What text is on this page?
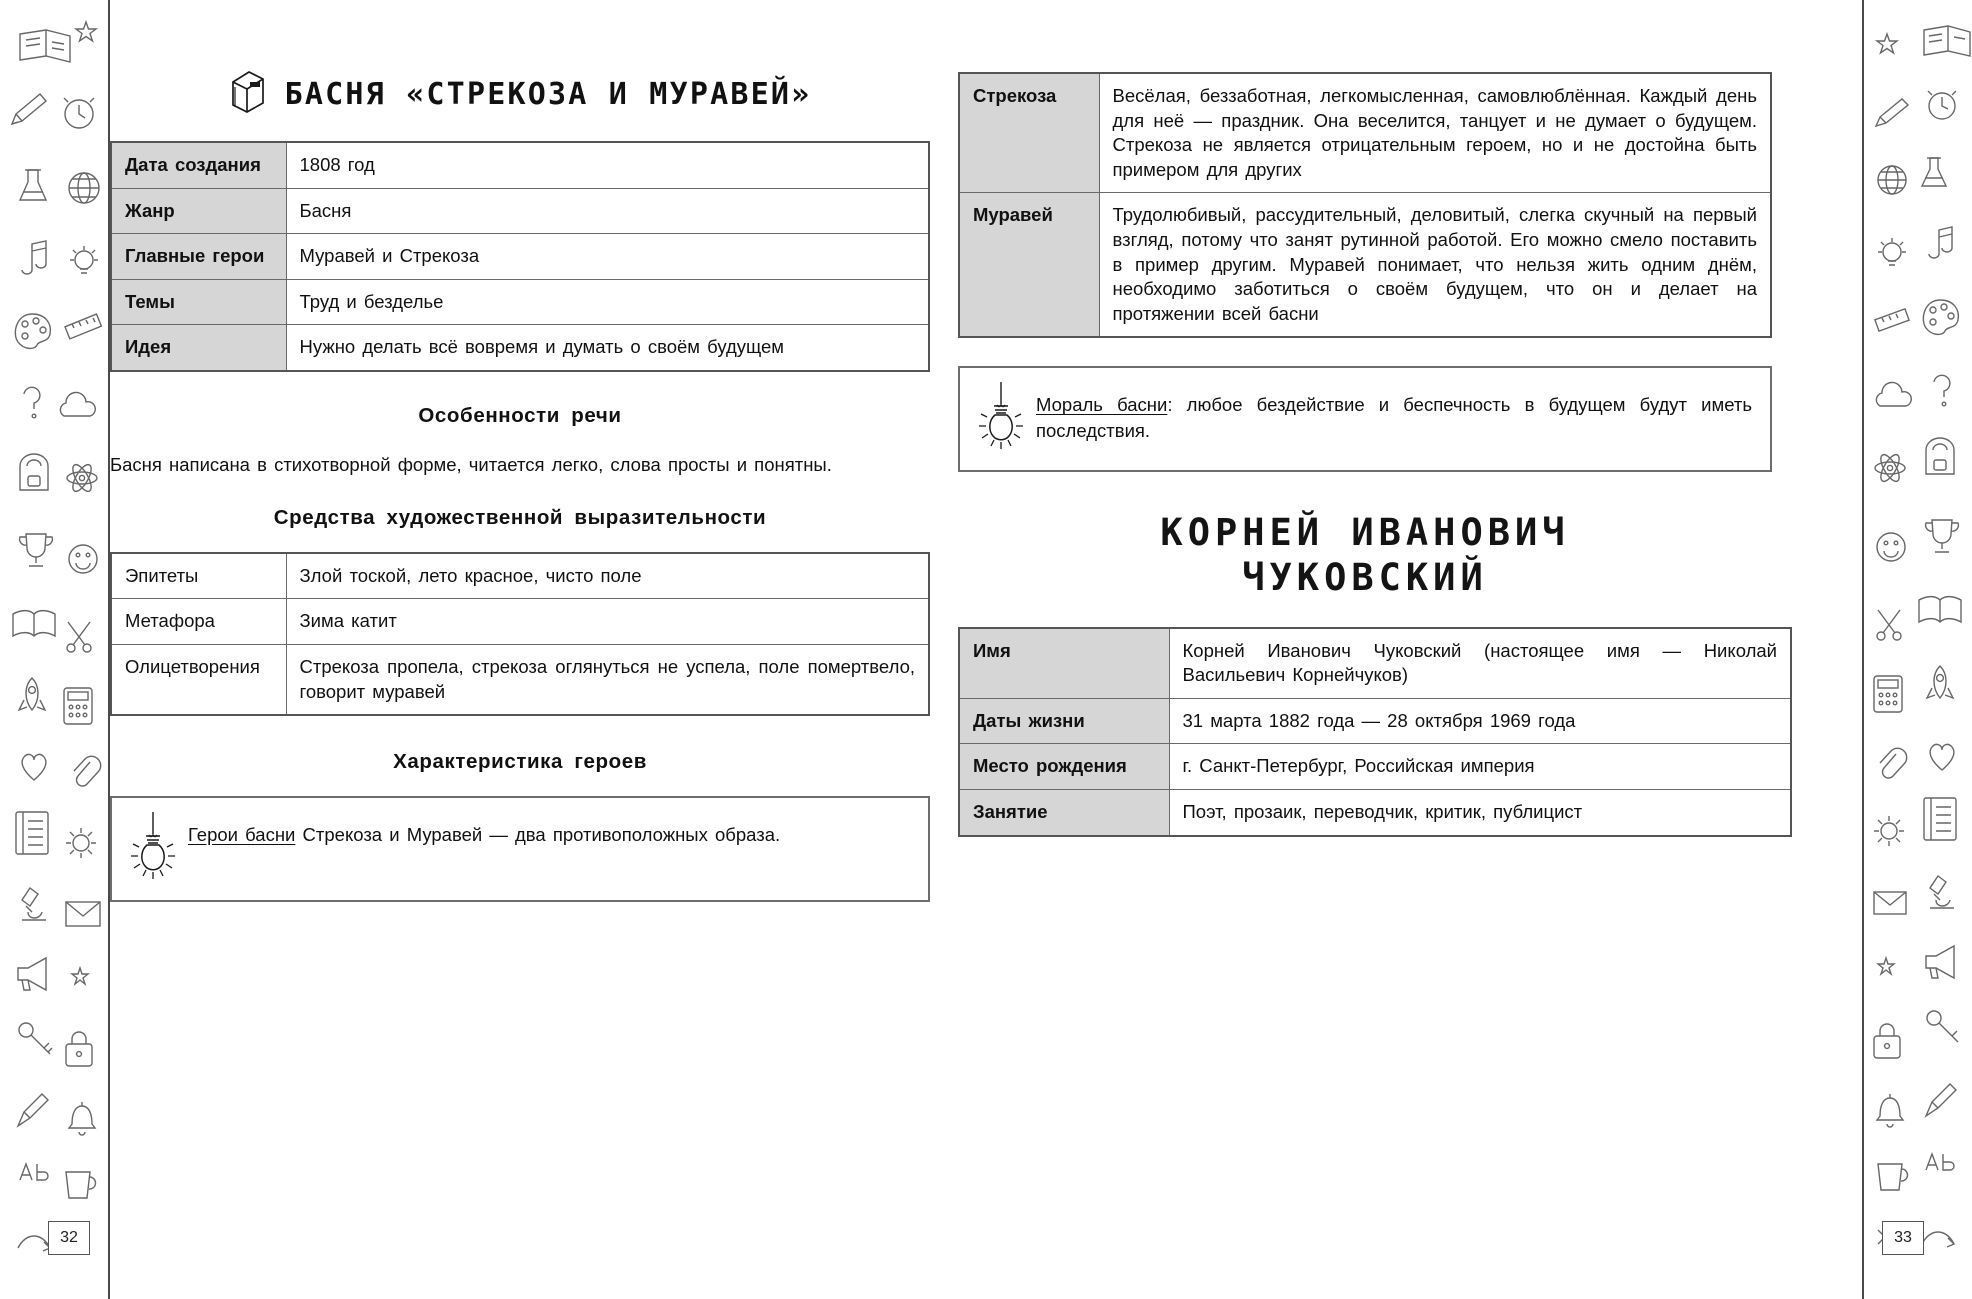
БАСНЯ «СТРЕКОЗА И МУРАВЕЙ»
Дата создания	1808 год
Жанр	Басня
Главные герои	Муравей и Стрекоза
Темы	Труд и безделье
Идея	Нужно делать всё вовремя и думать о своём будущем
Особенности речи

Басня написана в стихотворной форме, читается легко, слова просты и понятны.

Средства художественной выразительности
Эпитеты	Злой тоской, лето красное, чисто поле
Метафора	Зима катит
Олицетворения	Стрекоза пропела, стрекоза оглянуться не успела, поле помертвело, говорит муравей
Характеристика героев
Герои басни Стрекоза и Муравей — два противоположных образа.
32
Стрекоза	Весёлая, беззаботная, легкомысленная, самовлюблённая. Каждый день для неё — праздник. Она веселится, танцует и не думает о будущем. Стрекоза не является отрицательным героем, но и не достойна быть примером для других
Муравей	Трудолюбивый, рассудительный, деловитый, слегка скучный на первый взгляд, потому что занят рутинной работой. Его можно смело поставить в пример другим. Муравей понимает, что нельзя жить одним днём, необходимо заботиться о своём будущем, что он и делает на протяжении всей басни
Мораль басни: любое бездействие и беспечность в будущем будут иметь последствия.
КОРНЕЙ ИВАНОВИЧ
ЧУКОВСКИЙ
Имя	Корней Иванович Чуковский (настоящее имя — Николай Васильевич Корнейчуков)
Даты жизни	31 марта 1882 года — 28 октября 1969 года
Место рождения	г. Санкт-Петербург, Российская империя
Занятие	Поэт, прозаик, переводчик, критик, публицист
33
